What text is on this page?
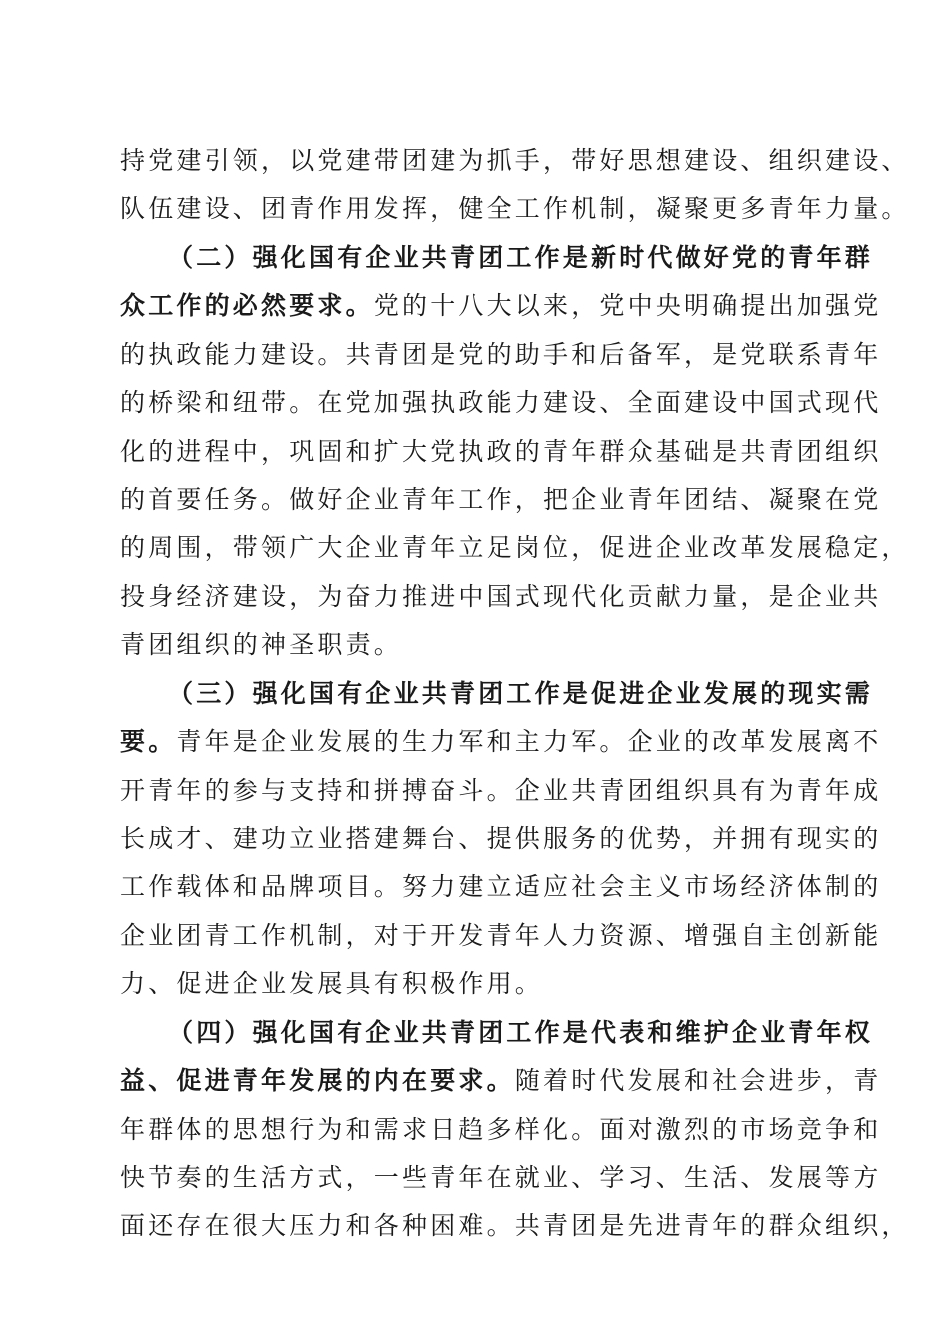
持党建引领，以党建带团建为抓手，带好思想建设、组织建设、
队伍建设、团青作用发挥，健全工作机制，凝聚更多青年力量。
（二）强化国有企业共青团工作是新时代做好党的青年群
众工作的必然要求。党的十八大以来，党中央明确提出加强党
的执政能力建设。共青团是党的助手和后备军，是党联系青年
的桥梁和纽带。在党加强执政能力建设、全面建设中国式现代
化的进程中，巩固和扩大党执政的青年群众基础是共青团组织
的首要任务。做好企业青年工作，把企业青年团结、凝聚在党
的周围，带领广大企业青年立足岗位，促进企业改革发展稳定，
投身经济建设，为奋力推进中国式现代化贡献力量，是企业共
青团组织的神圣职责。
（三）强化国有企业共青团工作是促进企业发展的现实需
要。青年是企业发展的生力军和主力军。企业的改革发展离不
开青年的参与支持和拼搏奋斗。企业共青团组织具有为青年成
长成才、建功立业搭建舞台、提供服务的优势，并拥有现实的
工作载体和品牌项目。努力建立适应社会主义市场经济体制的
企业团青工作机制，对于开发青年人力资源、增强自主创新能
力、促进企业发展具有积极作用。
（四）强化国有企业共青团工作是代表和维护企业青年权
益、促进青年发展的内在要求。随着时代发展和社会进步，青
年群体的思想行为和需求日趋多样化。面对激烈的市场竞争和
快节奏的生活方式，一些青年在就业、学习、生活、发展等方
面还存在很大压力和各种困难。共青团是先进青年的群众组织，
